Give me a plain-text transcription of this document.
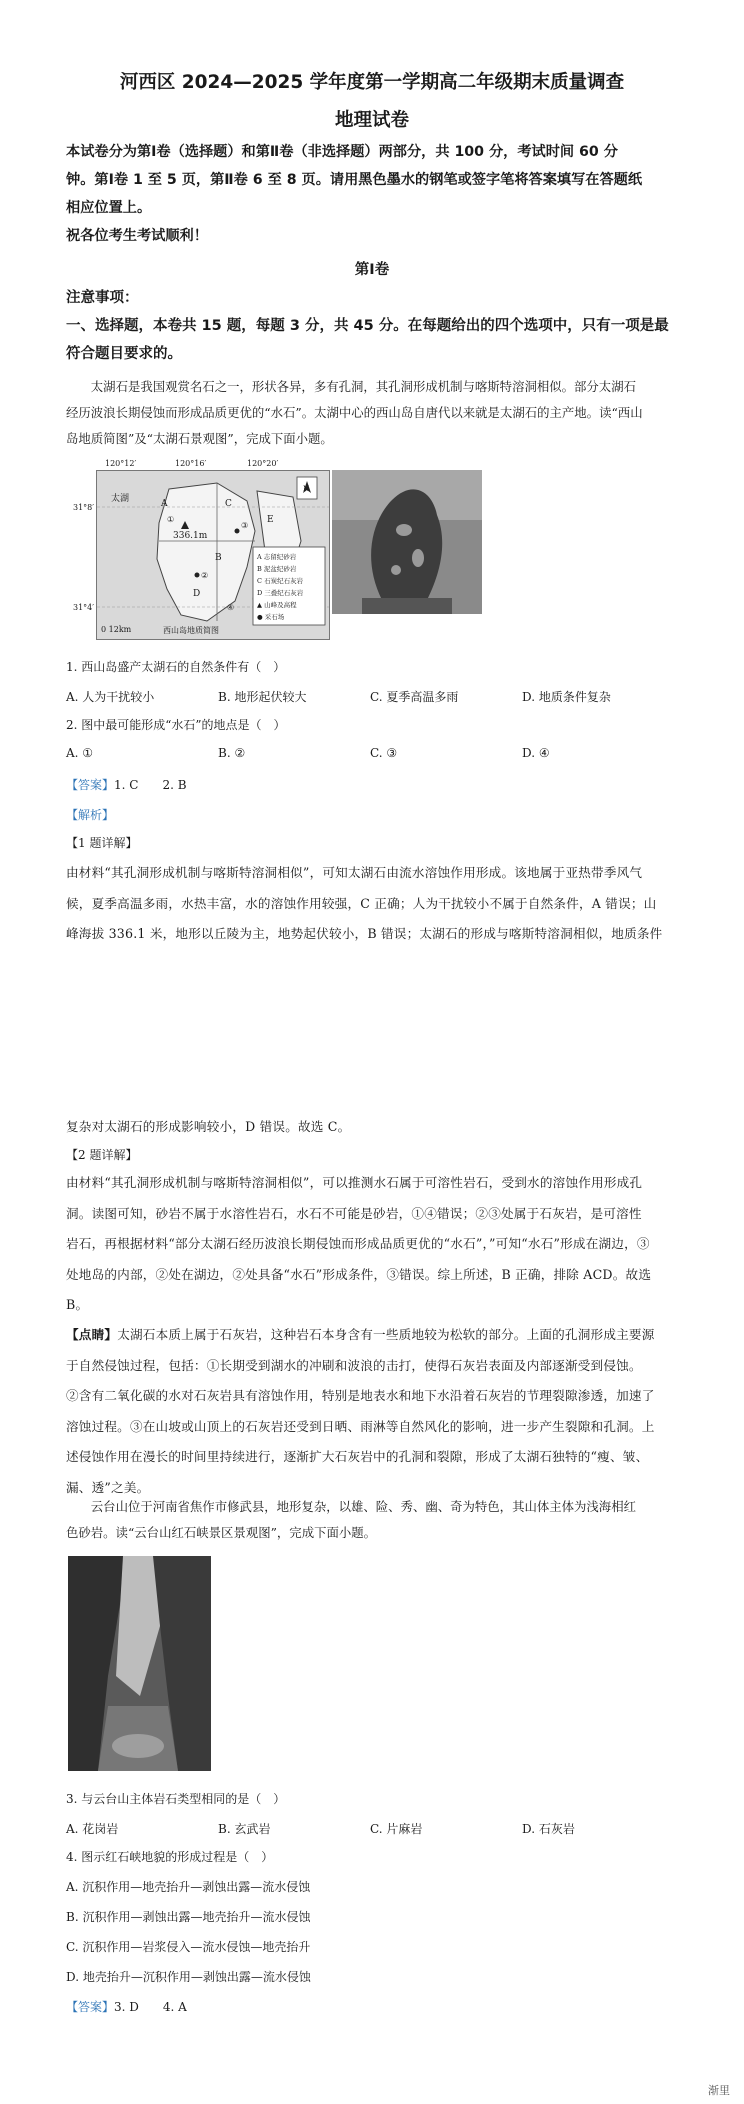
河西区 2024—2025 学年度第一学期高二年级期末质量调查
地理试卷
本试卷分为第Ⅰ卷（选择题）和第Ⅱ卷（非选择题）两部分，共 100 分，考试时间 60 分
钟。第Ⅰ卷 1 至 5 页，第Ⅱ卷 6 至 8 页。请用黑色墨水的钢笔或签字笔将答案填写在答题纸
相应位置上。
祝各位考生考试顺利！
第Ⅰ卷
注意事项：
一、选择题，本卷共 15 题，每题 3 分，共 45 分。在每题给出的四个选项中，只有一项是最
符合题目要求的。
太湖石是我国观赏名石之一，形状各异，多有孔洞，其孔洞形成机制与喀斯特溶洞相似。部分太湖石
经历波浪长期侵蚀而形成品质更优的“水石”。太湖中心的西山岛自唐代以来就是太湖石的主产地。读“西山
岛地质简图”及“太湖石景观图”，完成下面小题。
120°12′	120°16′	120°20′
31°8′
31°4′
太湖
336.1m
N
A
B
C
D
E
①
②
③
④
A 志留纪砂岩
B 泥盆纪砂岩
C 石炭纪石灰岩
D 三叠纪石灰岩
▲ 山峰及高程
● 采石场
0 12km	西山岛地质简图
1. 西山岛盛产太湖石的自然条件有（　）
A. 人为干扰较小	B. 地形起伏较大	C. 夏季高温多雨	D. 地质条件复杂
2. 图中最可能形成“水石”的地点是（　）
A. ①	B. ②	C. ③	D. ④
【答案】1. C　　2. B
【解析】
【1 题详解】
由材料“其孔洞形成机制与喀斯特溶洞相似”，可知太湖石由流水溶蚀作用形成。该地属于亚热带季风气
候，夏季高温多雨，水热丰富，水的溶蚀作用较强，C 正确；人为干扰较小不属于自然条件，A 错误；山
峰海拔 336.1 米，地形以丘陵为主，地势起伏较小，B 错误；太湖石的形成与喀斯特溶洞相似，地质条件
复杂对太湖石的形成影响较小，D 错误。故选 C。
【2 题详解】
由材料“其孔洞形成机制与喀斯特溶洞相似”，可以推测水石属于可溶性岩石，受到水的溶蚀作用形成孔
洞。读图可知，砂岩不属于水溶性岩石，水石不可能是砂岩，①④错误；②③处属于石灰岩，是可溶性
岩石，再根据材料“部分太湖石经历波浪长期侵蚀而形成品质更优的“水石”，”可知“水石”形成在湖边，③
处地岛的内部，②处在湖边，②处具备“水石”形成条件，③错误。综上所述，B 正确，排除 ACD。故选
B。
【点睛】太湖石本质上属于石灰岩，这种岩石本身含有一些质地较为松软的部分。上面的孔洞形成主要源
于自然侵蚀过程，包括：①长期受到湖水的冲刷和波浪的击打，使得石灰岩表面及内部逐渐受到侵蚀。
②含有二氧化碳的水对石灰岩具有溶蚀作用，特别是地表水和地下水沿着石灰岩的节理裂隙渗透，加速了
溶蚀过程。③在山坡或山顶上的石灰岩还受到日晒、雨淋等自然风化的影响，进一步产生裂隙和孔洞。上
述侵蚀作用在漫长的时间里持续进行，逐渐扩大石灰岩中的孔洞和裂隙，形成了太湖石独特的“瘦、皱、
漏、透”之美。
云台山位于河南省焦作市修武县，地形复杂，以雄、险、秀、幽、奇为特色，其山体主体为浅海相红
色砂岩。读“云台山红石峡景区景观图”，完成下面小题。
3. 与云台山主体岩石类型相同的是（　）
A. 花岗岩	B. 玄武岩	C. 片麻岩	D. 石灰岩
4. 图示红石峡地貌的形成过程是（　）
A. 沉积作用—地壳抬升—剥蚀出露—流水侵蚀
B. 沉积作用—剥蚀出露—地壳抬升—流水侵蚀
C. 沉积作用—岩浆侵入—流水侵蚀—地壳抬升
D. 地壳抬升—沉积作用—剥蚀出露—流水侵蚀
【答案】3. D　　4. A
渐里
